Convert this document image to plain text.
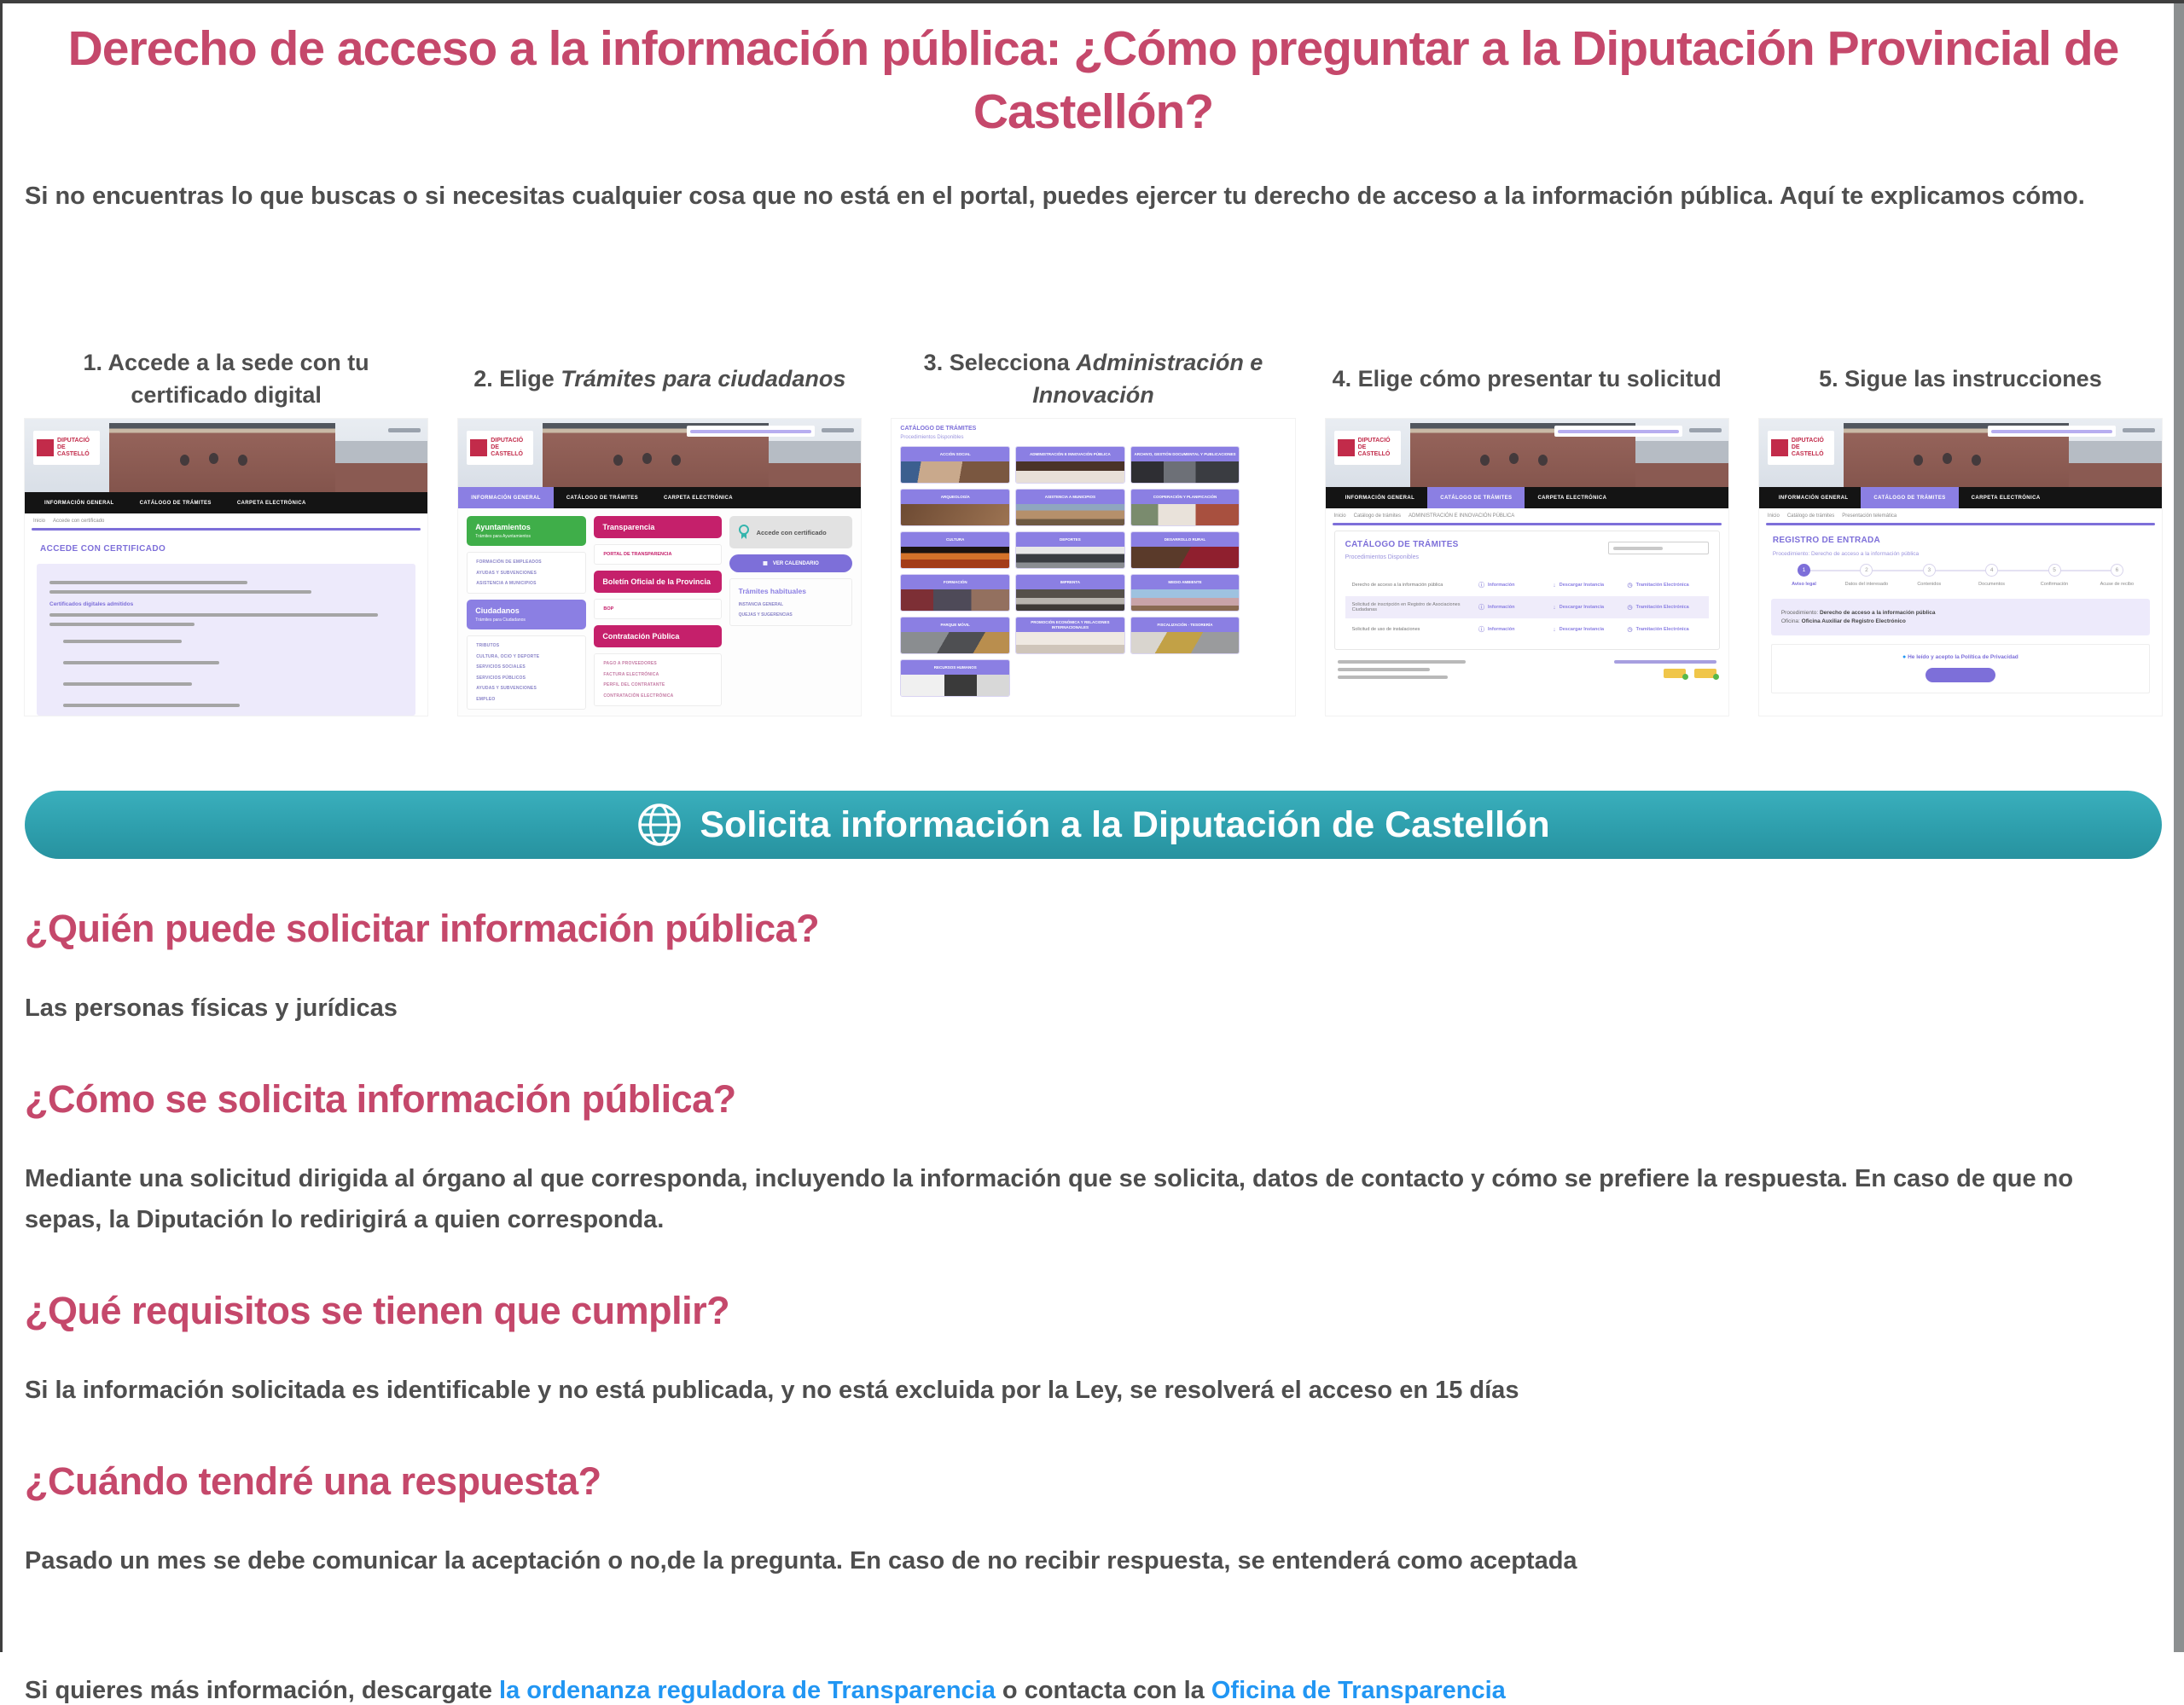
Derecho de acceso a la información pública: ¿Cómo preguntar a la Diputación Provincial de Castellón?

Si no encuentras lo que buscas o si necesitas cualquier cosa que no está en el portal, puedes ejercer tu derecho de acceso a la información pública. Aquí te explicamos cómo.

1. Accede a la sede con tu certificado digital
DIPUTACIÓ
DE CASTELLÓ
INFORMACIÓN GENERAL	CATÁLOGO DE TRÁMITES	CARPETA ELECTRÓNICA
Inicio Accede con certificado
ACCEDE CON CERTIFICADO
Certificados digitales admitidos
2. Elige Trámites para ciudadanos
DIPUTACIÓ
DE CASTELLÓ
INFORMACIÓN GENERAL	CATÁLOGO DE TRÁMITES	CARPETA ELECTRÓNICA
Ayuntamientos
Trámites para Ayuntamientos
FORMACIÓN DE EMPLEADOS
AYUDAS Y SUBVENCIONES
ASISTENCIA A MUNICIPIOS
Ciudadanos
Trámites para Ciudadanos
TRIBUTOS
CULTURA, OCIO Y DEPORTE
SERVICIOS SOCIALES
SERVICIOS PÚBLICOS
AYUDAS Y SUBVENCIONES
EMPLEO
Transparencia
PORTAL DE TRANSPARENCIA
Boletín Oficial de la Provincia
BOP
Contratación Pública
PAGO A PROVEEDORES
FACTURA ELECTRÓNICA
PERFIL DEL CONTRATANTE
CONTRATACIÓN ELECTRÓNICA
Accede con certificado
▦ VER CALENDARIO
Trámites habituales
INSTANCIA GENERAL
QUEJAS Y SUGERENCIAS
3. Selecciona Administración e Innovación
CATÁLOGO DE TRÁMITES
Procedimientos Disponibles
ACCIÓN SOCIAL	ADMINISTRACIÓN E INNOVACIÓN PÚBLICA	ARCHIVO, GESTIÓN DOCUMENTAL Y PUBLICACIONES
ARQUEOLOGÍA	ASISTENCIA A MUNICIPIOS	COOPERACIÓN Y PLANIFICACIÓN
CULTURA	DEPORTES	DESARROLLO RURAL
FORMACIÓN	IMPRENTA	MEDIO AMBIENTE
PARQUE MÓVIL
PROMOCIÓN ECONÓMICA Y RELACIONES INTERNACIONALES
FISCALIZACIÓN - TESORERÍA
RECURSOS HUMANOS
4. Elige cómo presentar tu solicitud
DIPUTACIÓ
DE CASTELLÓ
INFORMACIÓN GENERAL	CATÁLOGO DE TRÁMITES	CARPETA ELECTRÓNICA
Inicio Catálogo de trámites ADMINISTRACIÓN E INNOVACIÓN PÚBLICA
CATÁLOGO DE TRÁMITES
Procedimientos Disponibles
Derecho de acceso a la información pública	ⓘ Información	↓ Descargar Instancia	◷ Tramitación Electrónica
Solicitud de inscripción en Registro de Asociaciones Ciudadanas	ⓘ Información	↓ Descargar Instancia	◷ Tramitación Electrónica
Solicitud de uso de instalaciones	ⓘ Información	↓ Descargar Instancia	◷ Tramitación Electrónica
5. Sigue las instrucciones
DIPUTACIÓ
DE CASTELLÓ
INFORMACIÓN GENERAL	CATÁLOGO DE TRÁMITES	CARPETA ELECTRÓNICA
Inicio Catálogo de trámites Presentación telemática
REGISTRO DE ENTRADA
Procedimiento: Derecho de acceso a la información pública
1
Aviso legal
2
Datos del interesado
3
Contenidos
4
Documentos
5
Confirmación
6
Acuse de recibo
Procedimiento: Derecho de acceso a la información pública
Oficina: Oficina Auxiliar de Registro Electrónico
● He leído y acepto la Política de Privacidad
Solicita información a la Diputación de Castellón
¿Quién puede solicitar información pública?

Las personas físicas y jurídicas

¿Cómo se solicita información pública?

Mediante una solicitud dirigida al órgano al que corresponda, incluyendo la información que se solicita, datos de contacto y cómo se prefiere la respuesta. En caso de que no sepas, la Diputación lo redirigirá a quien corresponda.

¿Qué requisitos se tienen que cumplir?

Si la información solicitada es identificable y no está publicada, y no está excluida por la Ley, se resolverá el acceso en 15 días

¿Cuándo tendré una respuesta?

Pasado un mes se debe comunicar la aceptación o no,de la pregunta. En caso de no recibir respuesta, se entenderá como aceptada

Si quieres más información, descargate la ordenanza reguladora de Transparencia o contacta con la Oficina de Transparencia
